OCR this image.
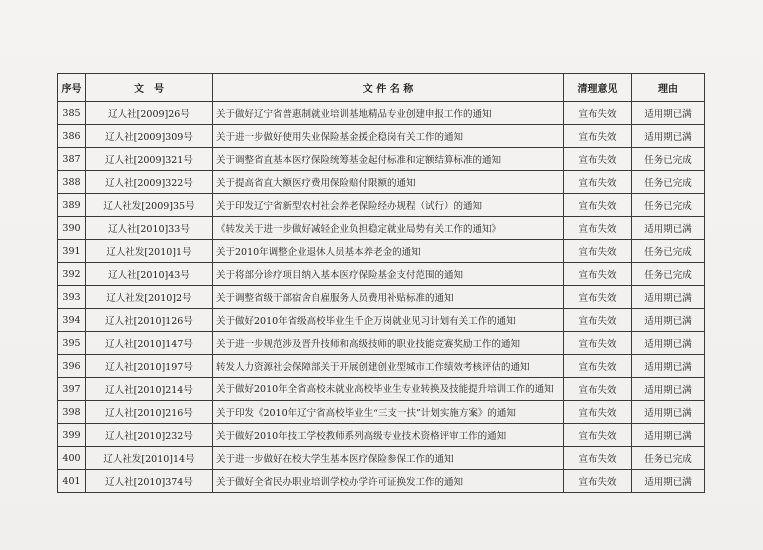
序号	文　号	文 件 名 称	清理意见	理由
385	辽人社[2009]26号	关于做好辽宁省普惠制就业培训基地精品专业创建申报工作的通知	宣布失效	适用期已满
386	辽人社[2009]309号	关于进一步做好使用失业保险基金援企稳岗有关工作的通知	宣布失效	适用期已满
387	辽人社[2009]321号	关于调整省直基本医疗保险统筹基金起付标准和定额结算标准的通知	宣布失效	任务已完成
388	辽人社[2009]322号	关于提高省直大额医疗费用保险赔付限额的通知	宣布失效	任务已完成
389	辽人社发[2009]35号	关于印发辽宁省新型农村社会养老保险经办规程（试行）的通知	宣布失效	任务已完成
390	辽人社[2010]33号	《转发关于进一步做好减轻企业负担稳定就业局势有关工作的通知》	宣布失效	适用期已满
391	辽人社发[2010]1号	关于2010年调整企业退休人员基本养老金的通知	宣布失效	任务已完成
392	辽人社[2010]43号	关于将部分诊疗项目纳入基本医疗保险基金支付范围的通知	宣布失效	任务已完成
393	辽人社发[2010]2号	关于调整省级干部宿舍自雇服务人员费用补贴标准的通知	宣布失效	适用期已满
394	辽人社[2010]126号	关于做好2010年省级高校毕业生千企万岗就业见习计划有关工作的通知	宣布失效	适用期已满
395	辽人社[2010]147号	关于进一步规范涉及晋升技师和高级技师的职业技能竞赛奖励工作的通知	宣布失效	适用期已满
396	辽人社[2010]197号	转发人力资源社会保障部关于开展创建创业型城市工作绩效考核评估的通知	宣布失效	适用期已满
397	辽人社[2010]214号	关于做好2010年全省高校未就业高校毕业生专业转换及技能提升培训工作的通知	宣布失效	适用期已满
398	辽人社[2010]216号	关于印发《2010年辽宁省高校毕业生“三支一扶”计划实施方案》的通知	宣布失效	适用期已满
399	辽人社[2010]232号	关于做好2010年技工学校教师系列高级专业技术资格评审工作的通知	宣布失效	适用期已满
400	辽人社发[2010]14号	关于进一步做好在校大学生基本医疗保险参保工作的通知	宣布失效	任务已完成
401	辽人社[2010]374号	关于做好全省民办职业培训学校办学许可证换发工作的通知	宣布失效	适用期已满
